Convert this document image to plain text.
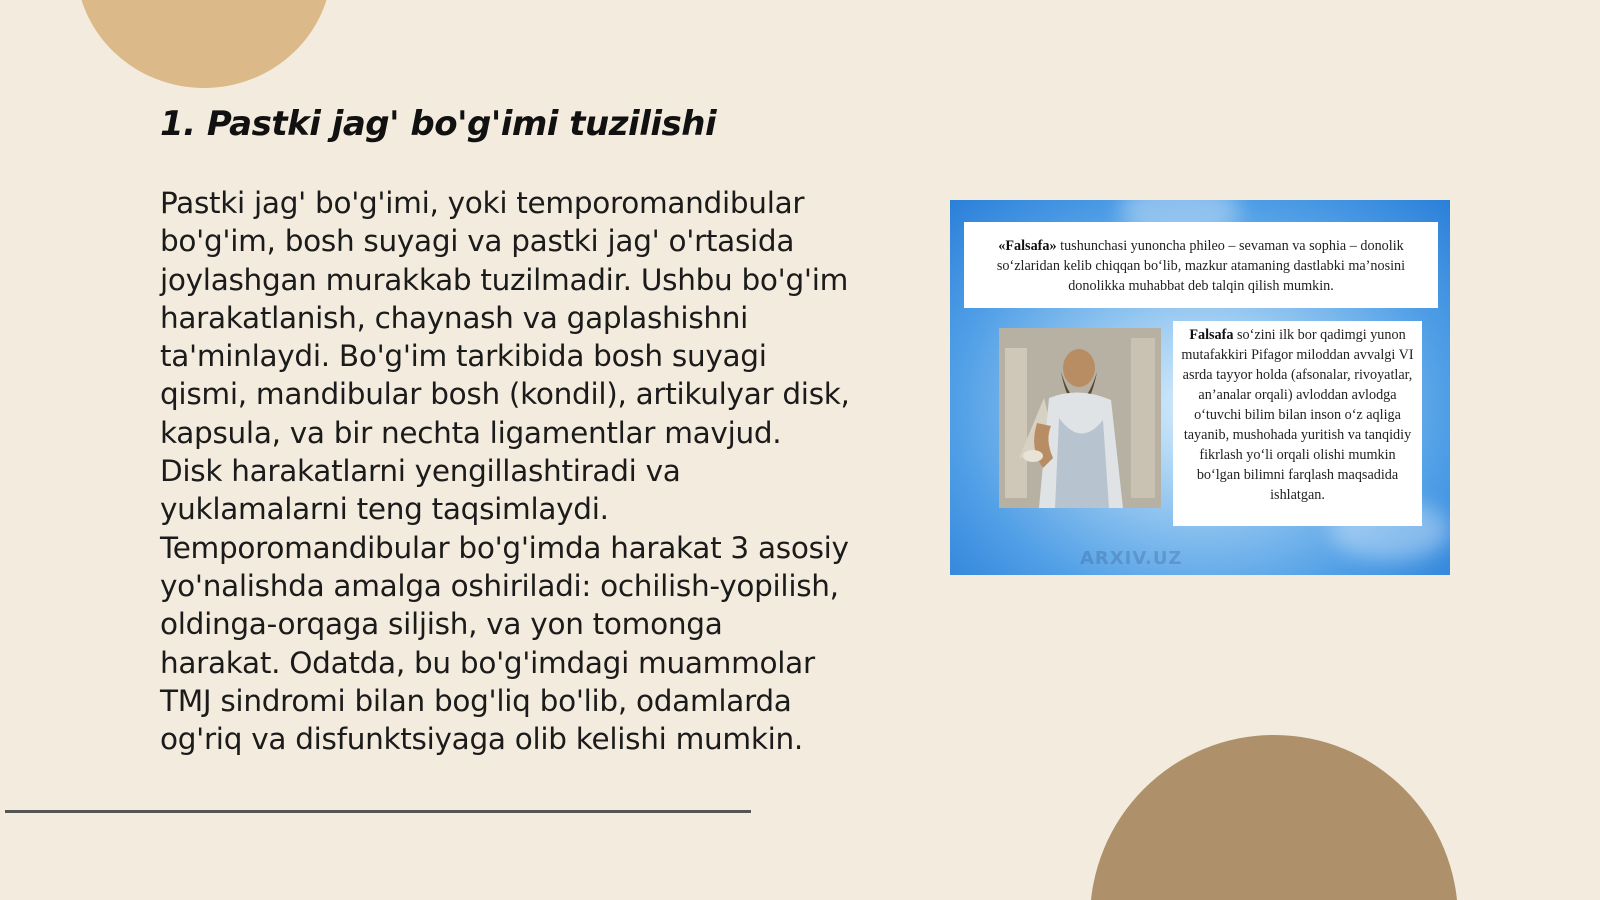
1. Pastki jag' bo'g'imi tuzilishi

Pastki jag' bo'g'imi, yoki temporomandibular bo'g'im, bosh suyagi va pastki jag' o'rtasida joylashgan murakkab tuzilmadir. Ushbu bo'g'im harakatlanish, chaynash va gaplashishni ta'minlaydi. Bo'g'im tarkibida bosh suyagi qismi, mandibular bosh (kondil), artikulyar disk, kapsula, va bir nechta ligamentlar mavjud. Disk harakatlarni yengillashtiradi va yuklamalarni teng taqsimlaydi. Temporomandibular bo'g'imda harakat 3 asosiy yo'nalishda amalga oshiriladi: ochilish-yopilish, oldinga-orqaga siljish, va yon tomonga harakat. Odatda, bu bo'g'imdagi muammolar TMJ sindromi bilan bog'liq bo'lib, odamlarda og'riq va disfunktsiyaga olib kelishi mumkin.

«Falsafa» tushunchasi yunoncha phileo – sevaman va sophia – donolik so‘zlaridan kelib chiqqan bo‘lib, mazkur atamaning dastlabki ma’nosini donolikka muhabbat deb talqin qilish mumkin.
Falsafa so‘zini ilk bor qadimgi yunon mutafakkiri Pifagor miloddan avvalgi VI asrda tayyor holda (afsonalar, rivoyatlar, an’analar orqali) avloddan avlodga o‘tuvchi bilim bilan inson o‘z aqliga tayanib, mushohada yuritish va tanqidiy fikrlash yo‘li orqali olishi mumkin bo‘lgan bilimni farqlash maqsadida ishlatgan.
ARXIV.UZ
